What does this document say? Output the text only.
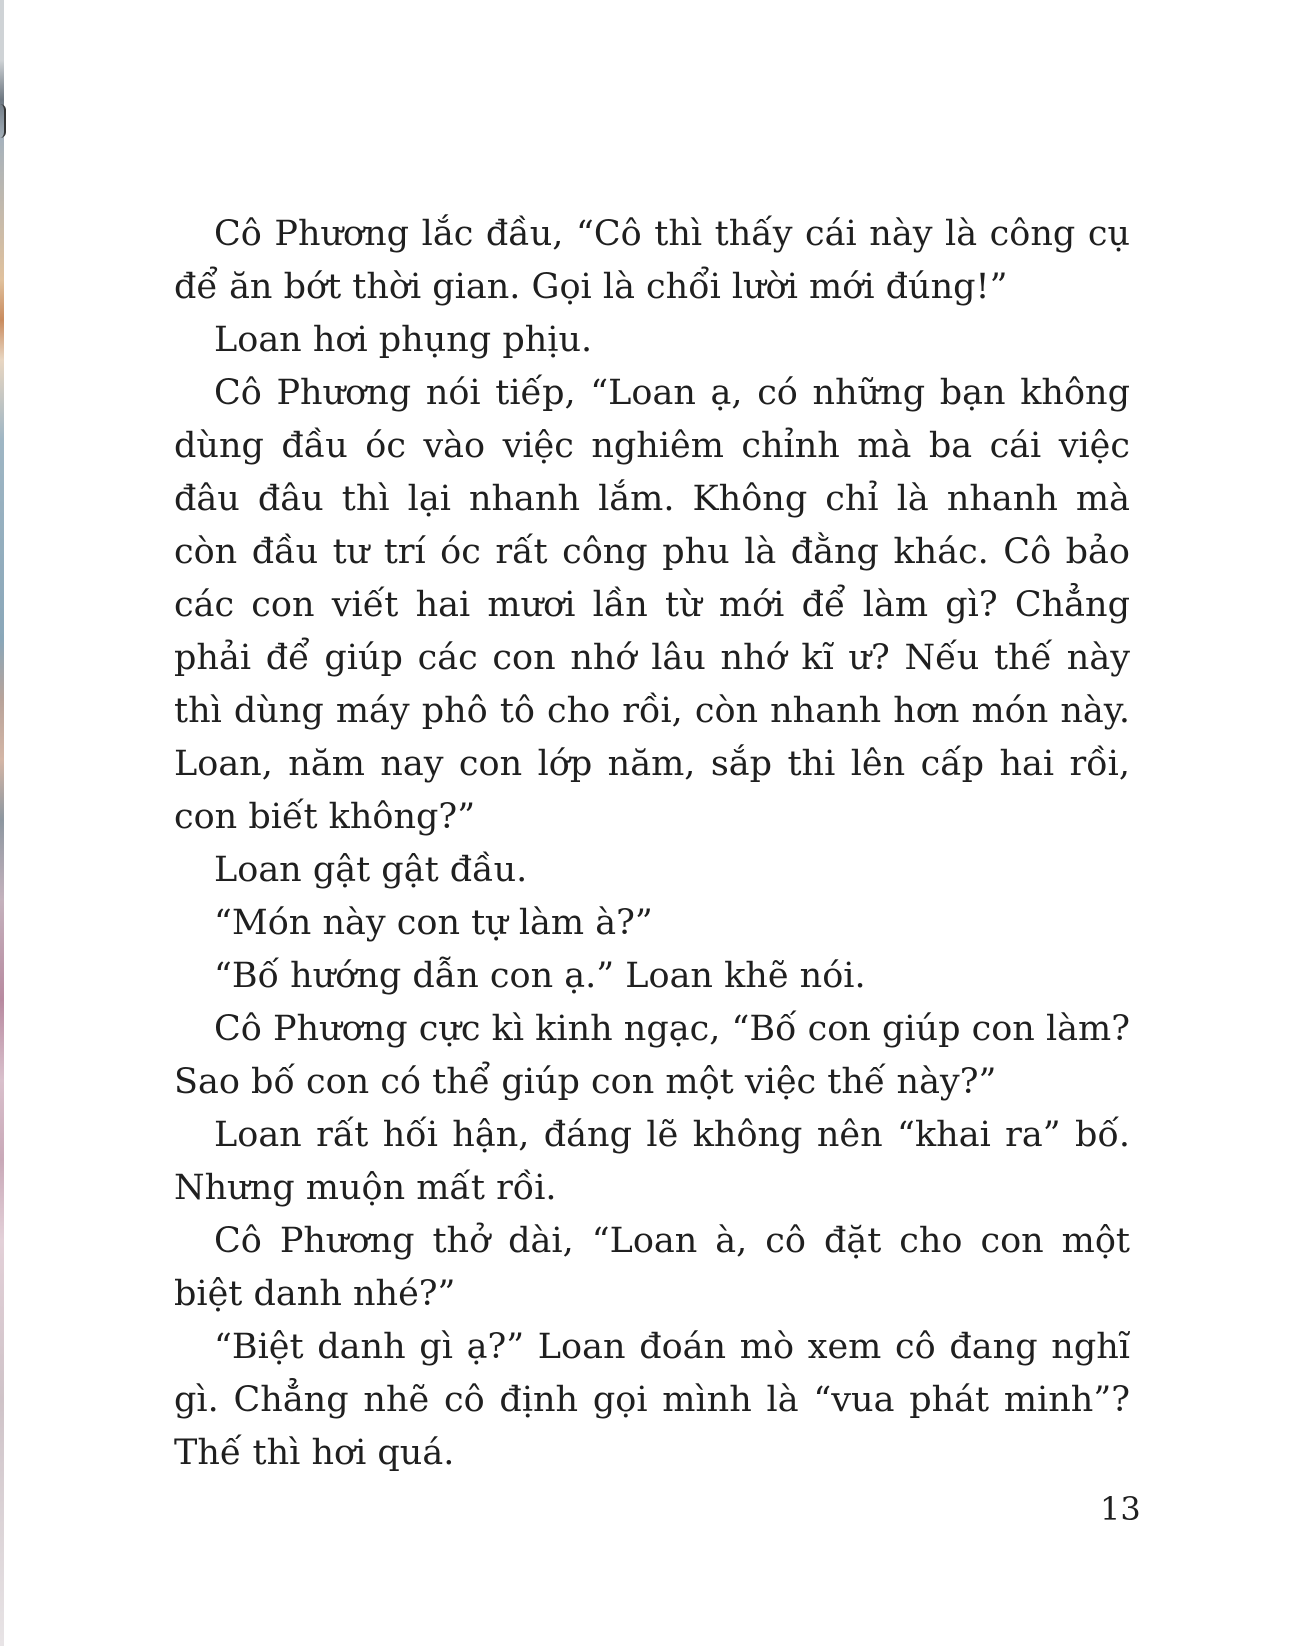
Cô Phương lắc đầu, “Cô thì thấy cái này là công cụ để ăn bớt thời gian. Gọi là chổi lười mới đúng!”

Loan hơi phụng phịu.

Cô Phương nói tiếp, “Loan ạ, có những bạn không dùng đầu óc vào việc nghiêm chỉnh mà ba cái việc đâu đâu thì lại nhanh lắm. Không chỉ là nhanh mà còn đầu tư trí óc rất công phu là đằng khác. Cô bảo các con viết hai mươi lần từ mới để làm gì? Chẳng phải để giúp các con nhớ lâu nhớ kĩ ư? Nếu thế này thì dùng máy phô tô cho rồi, còn nhanh hơn món này. Loan, năm nay con lớp năm, sắp thi lên cấp hai rồi, con biết không?”

Loan gật gật đầu.

“Món này con tự làm à?”

“Bố hướng dẫn con ạ.” Loan khẽ nói.

Cô Phương cực kì kinh ngạc, “Bố con giúp con làm? Sao bố con có thể giúp con một việc thế này?”

Loan rất hối hận, đáng lẽ không nên “khai ra” bố. Nhưng muộn mất rồi.

Cô Phương thở dài, “Loan à, cô đặt cho con một biệt danh nhé?”

“Biệt danh gì ạ?” Loan đoán mò xem cô đang nghĩ gì. Chẳng nhẽ cô định gọi mình là “vua phát minh”? Thế thì hơi quá.

13
